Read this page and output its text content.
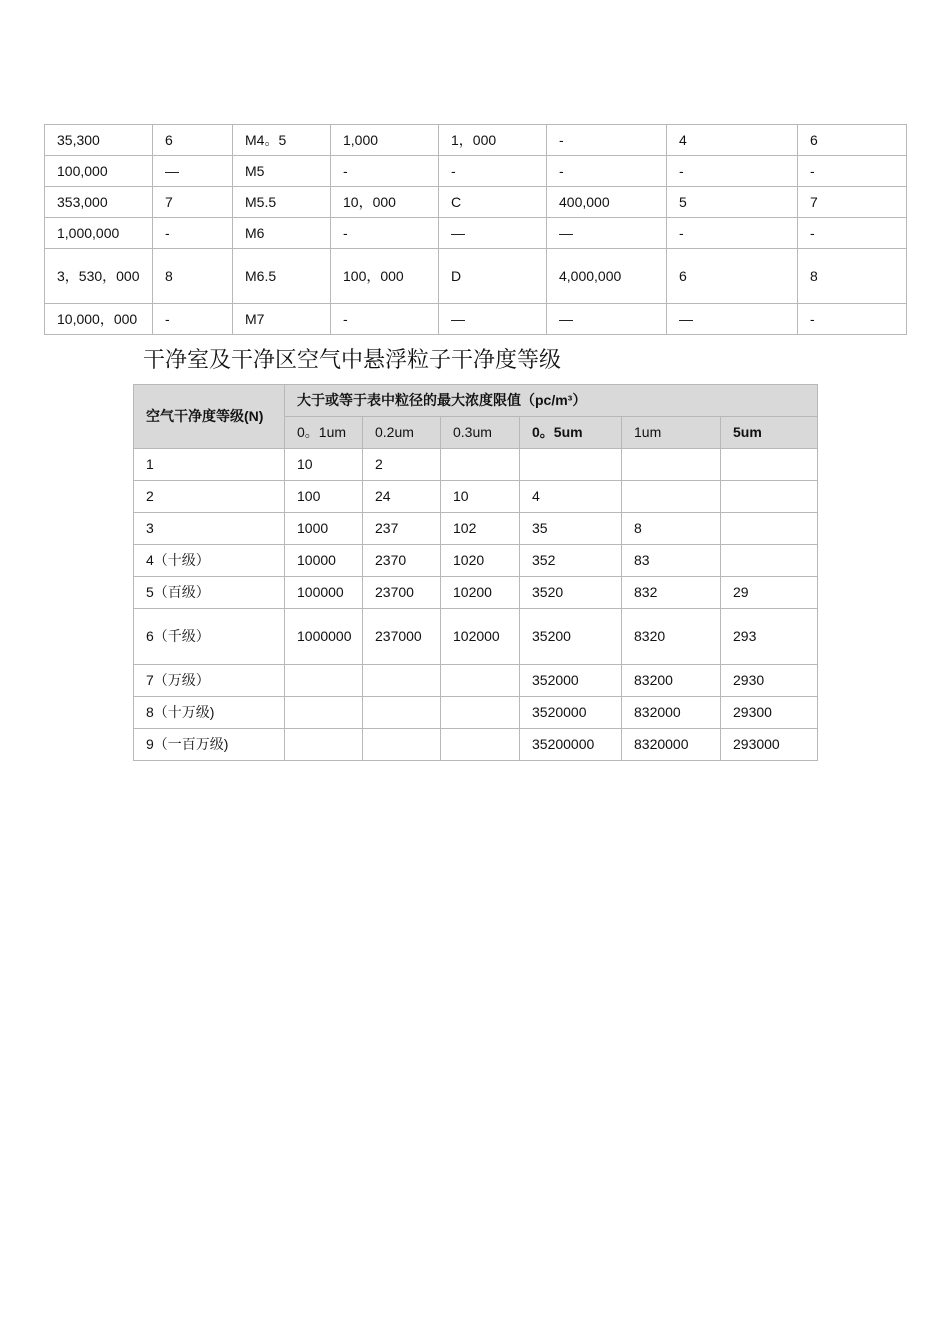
35,300	6	M4。5	1,000	1，000	-	4	6
100,000	—	M5	-	-	-	-	-
353,000	7	M5.5	10，000	C	400,000	5	7
1,000,000	-	M6	-	—	—	-	-
3，530，000	8	M6.5	100，000	D	4,000,000	6	8
10,000，000	-	M7	-	—	—	—	-
干净室及干净区空气中悬浮粒子干净度等级
空气干净度等级(N)	大于或等于表中粒径的最大浓度限值（pc/m³）					
	0。1um	0.2um	0.3um	0。5um	1um	5um
1	10	2				
2	100	24	10	4		
3	1000	237	102	35	8	
4（十级）	10000	2370	1020	352	83	
5（百级）	100000	23700	10200	3520	832	29
6（千级）	1000000	237000	102000	35200	8320	293
7（万级）				352000	83200	2930
8（十万级)				3520000	832000	29300
9（一百万级)				35200000	8320000	293000
